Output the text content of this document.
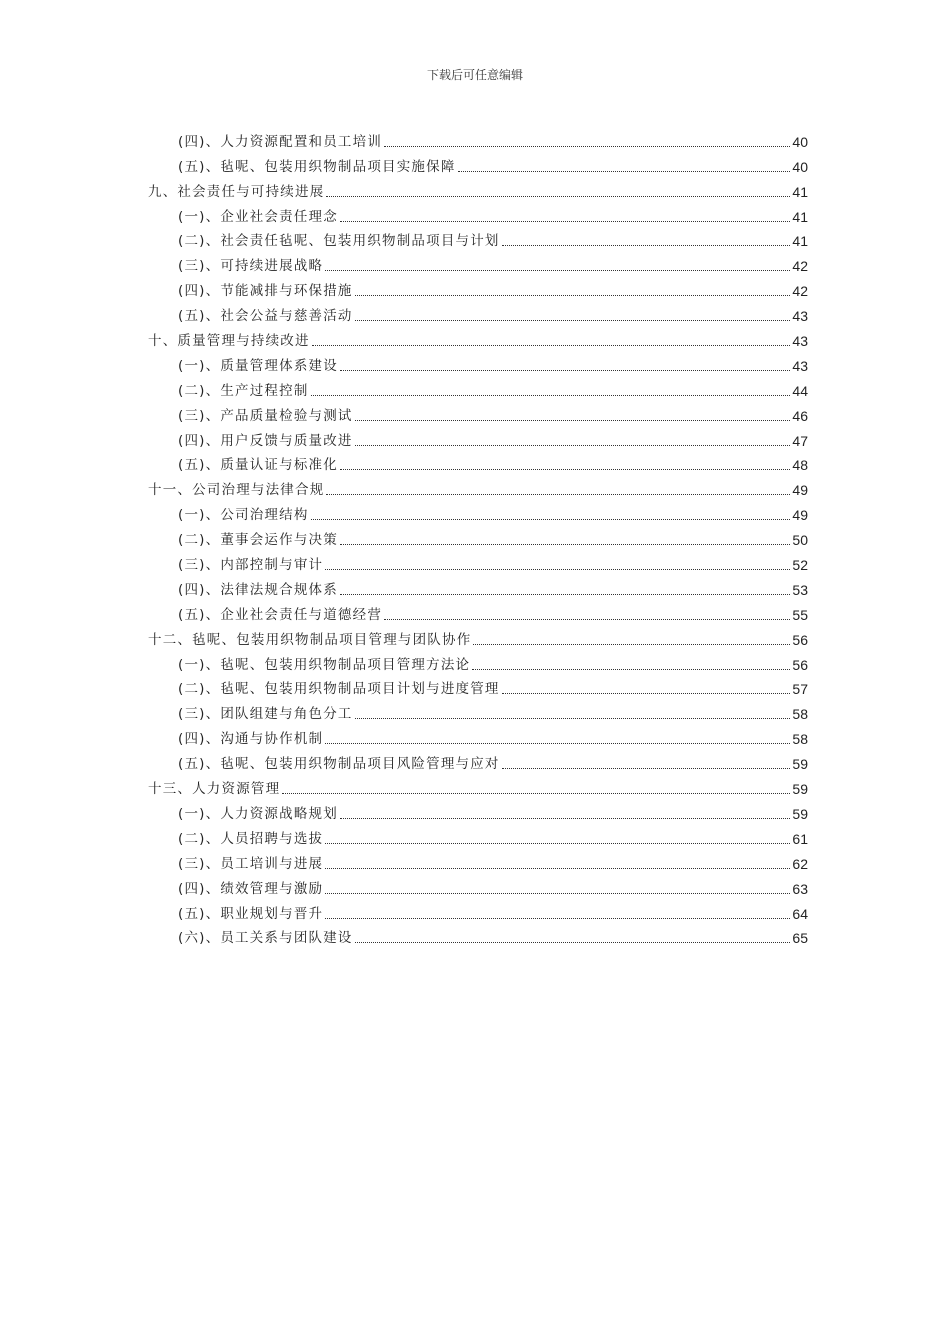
下载后可任意编辑
(四)、人力资源配置和员工培训	40
(五)、毡呢、包装用织物制品项目实施保障	40
九、社会责任与可持续进展	41
(一)、企业社会责任理念	41
(二)、社会责任毡呢、包装用织物制品项目与计划	41
(三)、可持续进展战略	42
(四)、节能减排与环保措施	42
(五)、社会公益与慈善活动	43
十、质量管理与持续改进	43
(一)、质量管理体系建设	43
(二)、生产过程控制	44
(三)、产品质量检验与测试	46
(四)、用户反馈与质量改进	47
(五)、质量认证与标准化	48
十一、公司治理与法律合规	49
(一)、公司治理结构	49
(二)、董事会运作与决策	50
(三)、内部控制与审计	52
(四)、法律法规合规体系	53
(五)、企业社会责任与道德经营	55
十二、毡呢、包装用织物制品项目管理与团队协作	56
(一)、毡呢、包装用织物制品项目管理方法论	56
(二)、毡呢、包装用织物制品项目计划与进度管理	57
(三)、团队组建与角色分工	58
(四)、沟通与协作机制	58
(五)、毡呢、包装用织物制品项目风险管理与应对	59
十三、人力资源管理	59
(一)、人力资源战略规划	59
(二)、人员招聘与选拔	61
(三)、员工培训与进展	62
(四)、绩效管理与激励	63
(五)、职业规划与晋升	64
(六)、员工关系与团队建设	65
